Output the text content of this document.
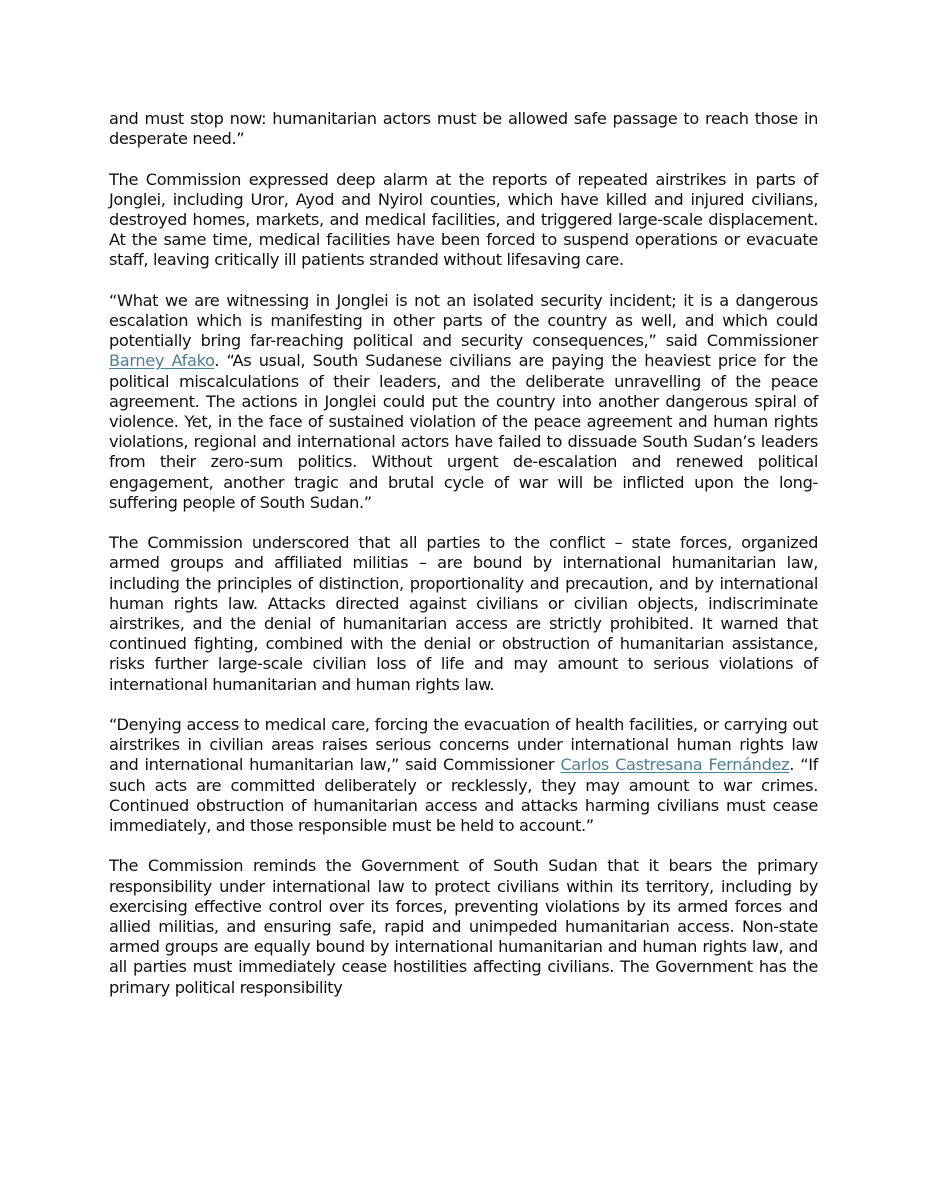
and must stop now: humanitarian actors must be allowed safe passage to reach those in desperate need.”

The Commission expressed deep alarm at the reports of repeated airstrikes in parts of Jonglei, including Uror, Ayod and Nyirol counties, which have killed and injured civilians, destroyed homes, markets, and medical facilities, and triggered large-scale displacement. At the same time, medical facilities have been forced to suspend operations or evacuate staff, leaving critically ill patients stranded without lifesaving care.

“What we are witnessing in Jonglei is not an isolated security incident; it is a dangerous escalation which is manifesting in other parts of the country as well, and which could potentially bring far-reaching political and security consequences,” said Commissioner Barney Afako. “As usual, South Sudanese civilians are paying the heaviest price for the political miscalculations of their leaders, and the deliberate unravelling of the peace agreement. The actions in Jonglei could put the country into another dangerous spiral of violence. Yet, in the face of sustained violation of the peace agreement and human rights violations, regional and international actors have failed to dissuade South Sudan’s leaders from their zero-sum politics. Without urgent de-escalation and renewed political engagement, another tragic and brutal cycle of war will be inflicted upon the long-suffering people of South Sudan.”

The Commission underscored that all parties to the conflict – state forces, organized armed groups and affiliated militias – are bound by international humanitarian law, including the principles of distinction, proportionality and precaution, and by international human rights law. Attacks directed against civilians or civilian objects, indiscriminate airstrikes, and the denial of humanitarian access are strictly prohibited. It warned that continued fighting, combined with the denial or obstruction of humanitarian assistance, risks further large-scale civilian loss of life and may amount to serious violations of international humanitarian and human rights law.

“Denying access to medical care, forcing the evacuation of health facilities, or carrying out airstrikes in civilian areas raises serious concerns under international human rights law and international humanitarian law,” said Commissioner Carlos Castresana Fernández. “If such acts are committed deliberately or recklessly, they may amount to war crimes. Continued obstruction of humanitarian access and attacks harming civilians must cease immediately, and those responsible must be held to account.”

The Commission reminds the Government of South Sudan that it bears the primary responsibility under international law to protect civilians within its territory, including by exercising effective control over its forces, preventing violations by its armed forces and allied militias, and ensuring safe, rapid and unimpeded humanitarian access. Non-state armed groups are equally bound by international humanitarian and human rights law, and all parties must immediately cease hostilities affecting civilians. The Government has the primary political responsibility
